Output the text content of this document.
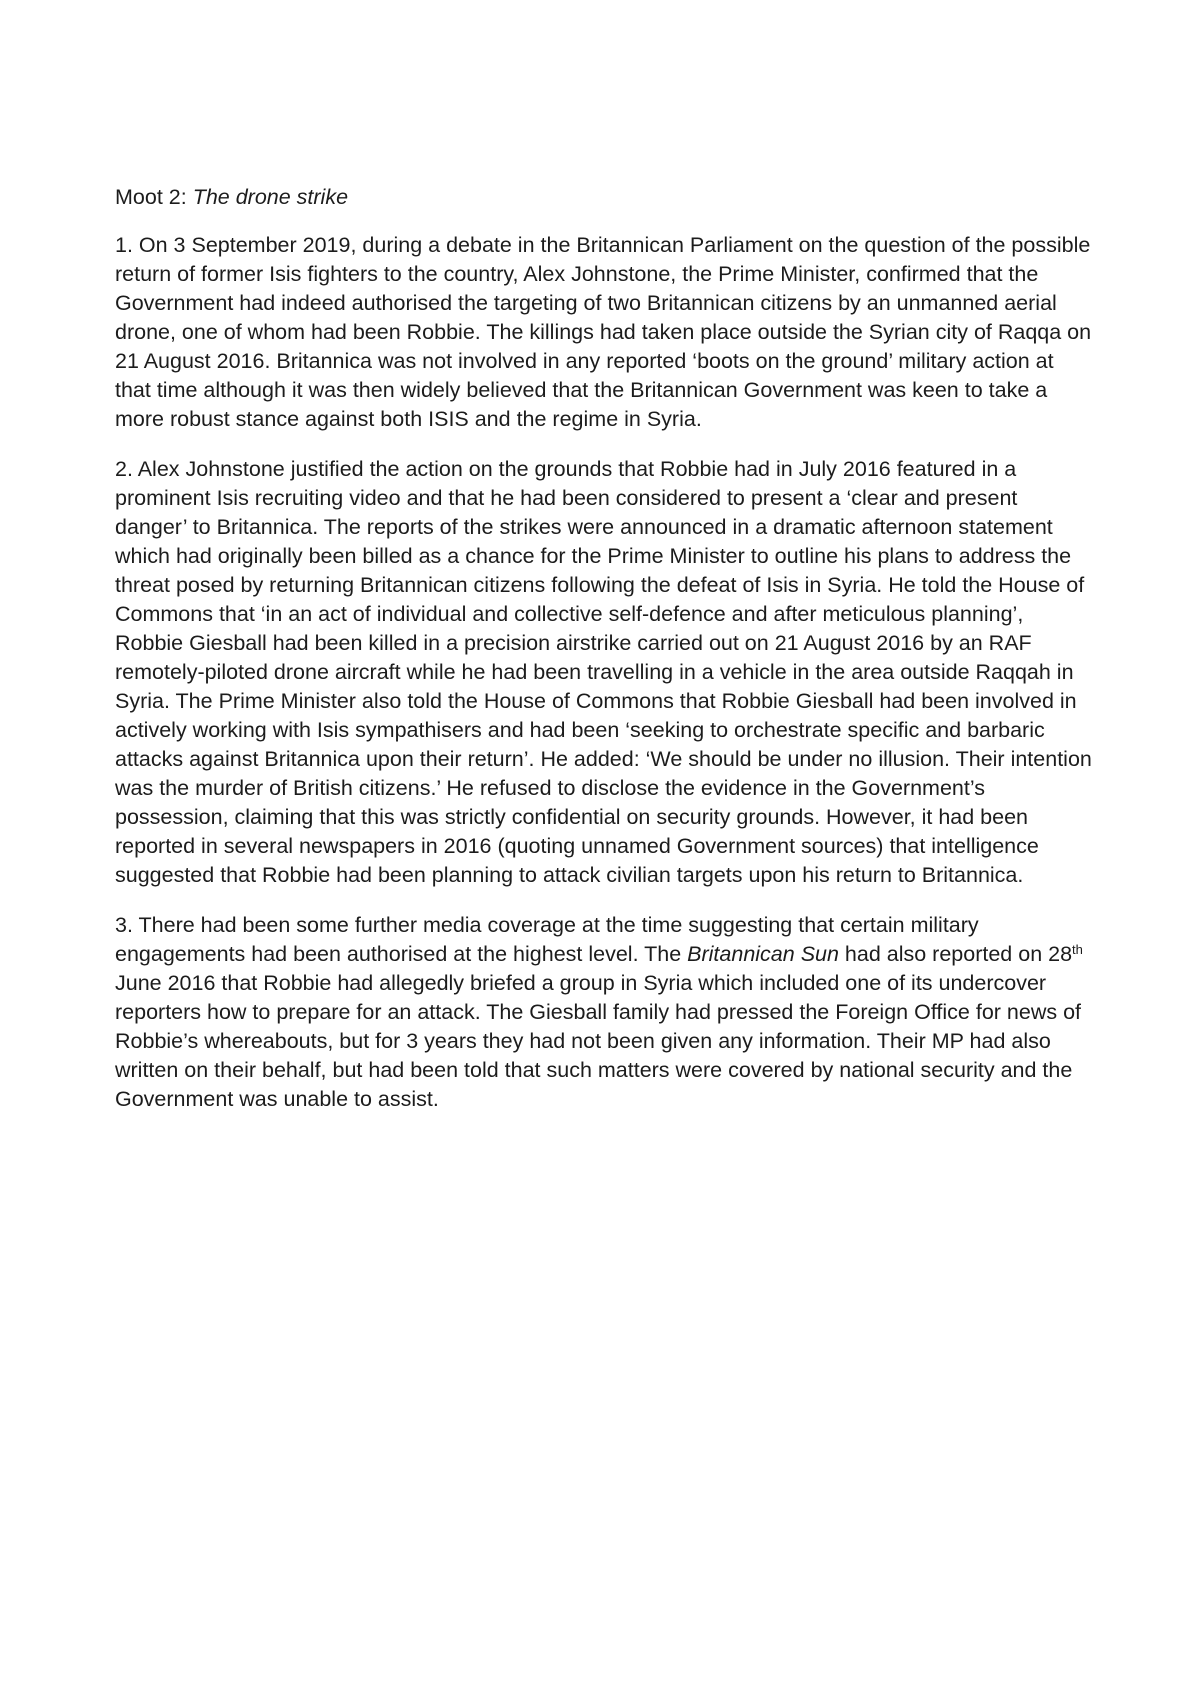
Moot 2: The drone strike

1. On 3 September 2019, during a debate in the Britannican Parliament on the question of the possible return of former Isis fighters to the country, Alex Johnstone, the Prime Minister, confirmed that the Government had indeed authorised the targeting of two Britannican citizens by an unmanned aerial drone, one of whom had been Robbie. The killings had taken place outside the Syrian city of Raqqa on 21 August 2016. Britannica was not involved in any reported ‘boots on the ground’ military action at that time although it was then widely believed that the Britannican Government was keen to take a more robust stance against both ISIS and the regime in Syria.

2. Alex Johnstone justified the action on the grounds that Robbie had in July 2016 featured in a prominent Isis recruiting video and that he had been considered to present a ‘clear and present danger’ to Britannica. The reports of the strikes were announced in a dramatic afternoon statement which had originally been billed as a chance for the Prime Minister to outline his plans to address the threat posed by returning Britannican citizens following the defeat of Isis in Syria. He told the House of Commons that ‘in an act of individual and collective self-defence and after meticulous planning’, Robbie Giesball had been killed in a precision airstrike carried out on 21 August 2016 by an RAF remotely-piloted drone aircraft while he had been travelling in a vehicle in the area outside Raqqah in Syria. The Prime Minister also told the House of Commons that Robbie Giesball had been involved in actively working with Isis sympathisers and had been ‘seeking to orchestrate specific and barbaric attacks against Britannica upon their return’. He added: ‘We should be under no illusion. Their intention was the murder of British citizens.’ He refused to disclose the evidence in the Government’s possession, claiming that this was strictly confidential on security grounds. However, it had been reported in several newspapers in 2016 (quoting unnamed Government sources) that intelligence suggested that Robbie had been planning to attack civilian targets upon his return to Britannica.

3. There had been some further media coverage at the time suggesting that certain military engagements had been authorised at the highest level. The Britannican Sun had also reported on 28th June 2016 that Robbie had allegedly briefed a group in Syria which included one of its undercover reporters how to prepare for an attack. The Giesball family had pressed the Foreign Office for news of Robbie’s whereabouts, but for 3 years they had not been given any information. Their MP had also written on their behalf, but had been told that such matters were covered by national security and the Government was unable to assist.
